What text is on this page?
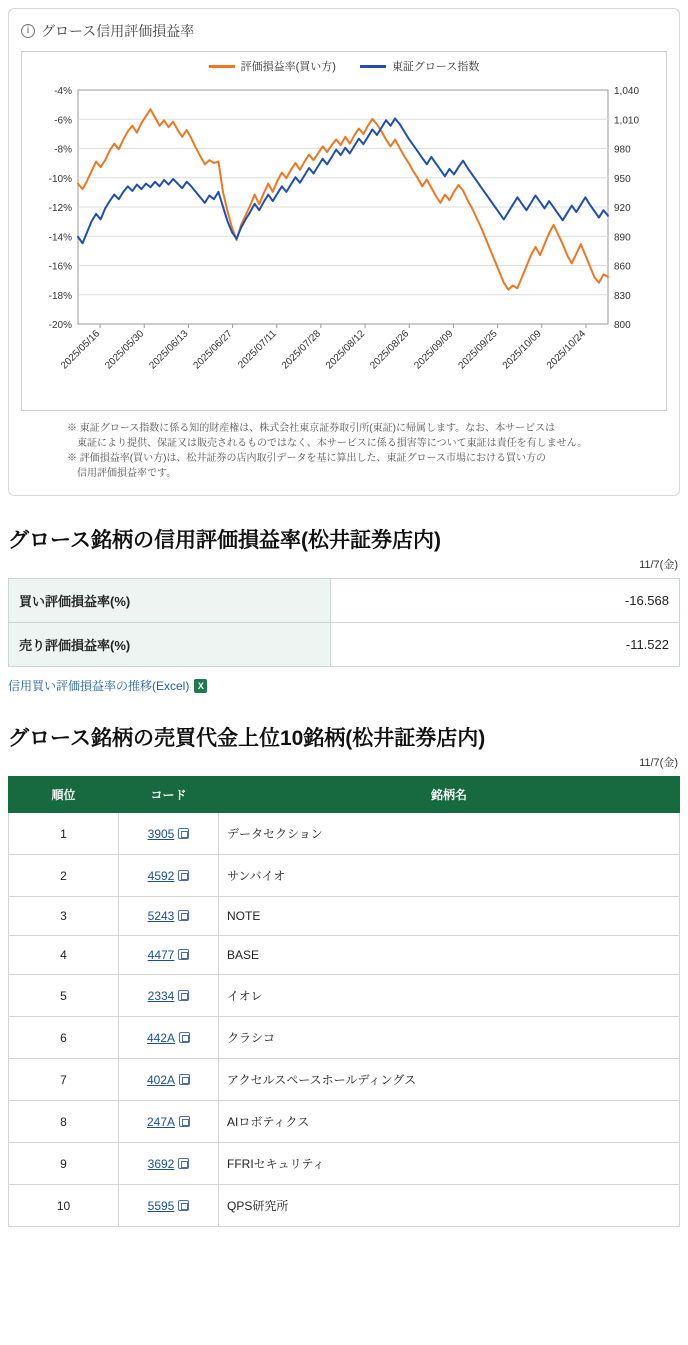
i グロース信用評価損益率
評価損益率(買い方)	東証グロース指数
-4%	1,040
-6%	1,010
-8%	980
-10%	950
-12%	920
-14%	890
-16%	860
-18%	830
-20%	800
2025/05/16 2025/05/30 2025/06/13 2025/06/27 2025/07/11 2025/07/28 2025/08/12 2025/08/26 2025/09/09 2025/09/25 2025/10/09 2025/10/24
※ 東証グロース指数に係る知的財産権は、株式会社東京証券取引所(東証)に帰属します。なお、本サービスは
東証により提供、保証又は販売されるものではなく、本サービスに係る損害等について東証は責任を有しません。
※ 評価損益率(買い方)は、松井証券の店内取引データを基に算出した、東証グロース市場における買い方の
信用評価損益率です。
グロース銘柄の信用評価損益率(松井証券店内)
11/7(金)
買い評価損益率(%)	-16.568
売り評価損益率(%)	-11.522
信用買い評価損益率の推移(Excel) X
グロース銘柄の売買代金上位10銘柄(松井証券店内)
11/7(金)
順位	コード	銘柄名
1	3905	データセクション
2	4592	サンバイオ
3	5243	NOTE
4	4477	BASE
5	2334	イオレ
6	442A	クラシコ
7	402A	アクセルスペースホールディングス
8	247A	AIロボティクス
9	3692	FFRIセキュリティ
10	5595	QPS研究所
